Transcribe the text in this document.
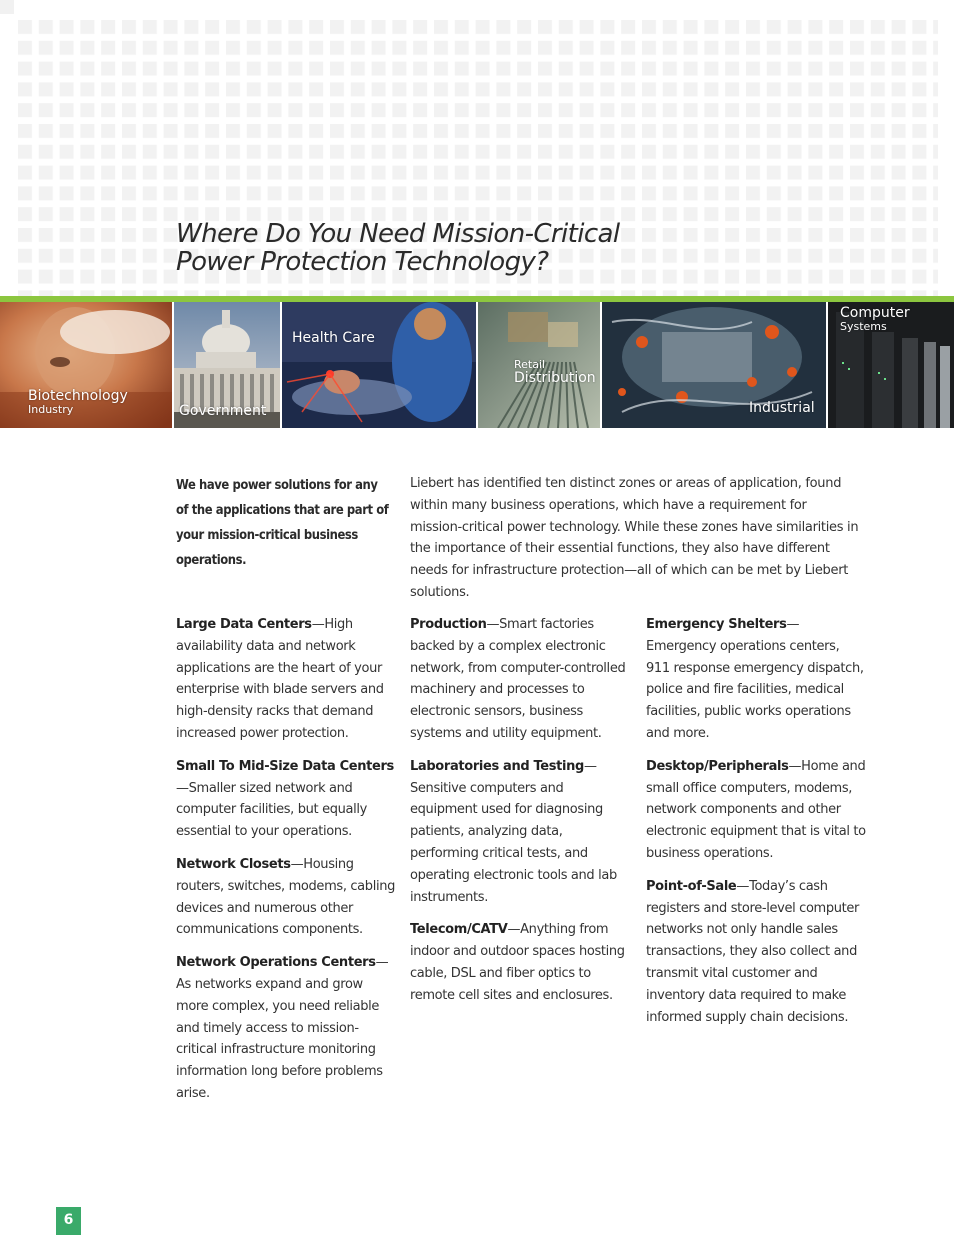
Where Do You Need Mission-Critical
Power Protection Technology?
Biotechnology
Industry	Government
Health Care
Retail
Distribution
Industrial
Computer
Systems

We have power solutions for any of the applications that are part of your mission-critical business operations.

Liebert has identified ten distinct zones or areas of application, found within many business operations, which have a requirement for mission-critical power technology. While these zones have similarities in the importance of their essential functions, they also have different needs for infrastructure protection—all of which can be met by Liebert solutions.

Large Data Centers—High availability data and network applications are the heart of your enterprise with blade servers and high-density racks that demand increased power protection.

Small To Mid-Size Data Centers—Smaller sized network and computer facilities, but equally essential to your operations.

Network Closets—Housing routers, switches, modems, cabling devices and numerous other communications components.

Network Operations Centers—As networks expand and grow more complex, you need reliable and timely access to mission-critical infrastructure monitoring information long before problems arise.

Production—Smart factories backed by a complex electronic network, from computer-controlled machinery and processes to electronic sensors, business systems and utility equipment.

Laboratories and Testing—Sensitive computers and equipment used for diagnosing patients, analyzing data, performing critical tests, and operating electronic tools and lab instruments.

Telecom/CATV—Anything from indoor and outdoor spaces hosting cable, DSL and fiber optics to remote cell sites and enclosures.

Emergency Shelters—Emergency operations centers, 911 response emergency dispatch, police and fire facilities, medical facilities, public works operations and more.

Desktop/Peripherals—Home and small office computers, modems, network components and other electronic equipment that is vital to business operations.

Point-of-Sale—Today’s cash registers and store-level computer networks not only handle sales transactions, they also collect and transmit vital customer and inventory data required to make informed supply chain decisions.

6
